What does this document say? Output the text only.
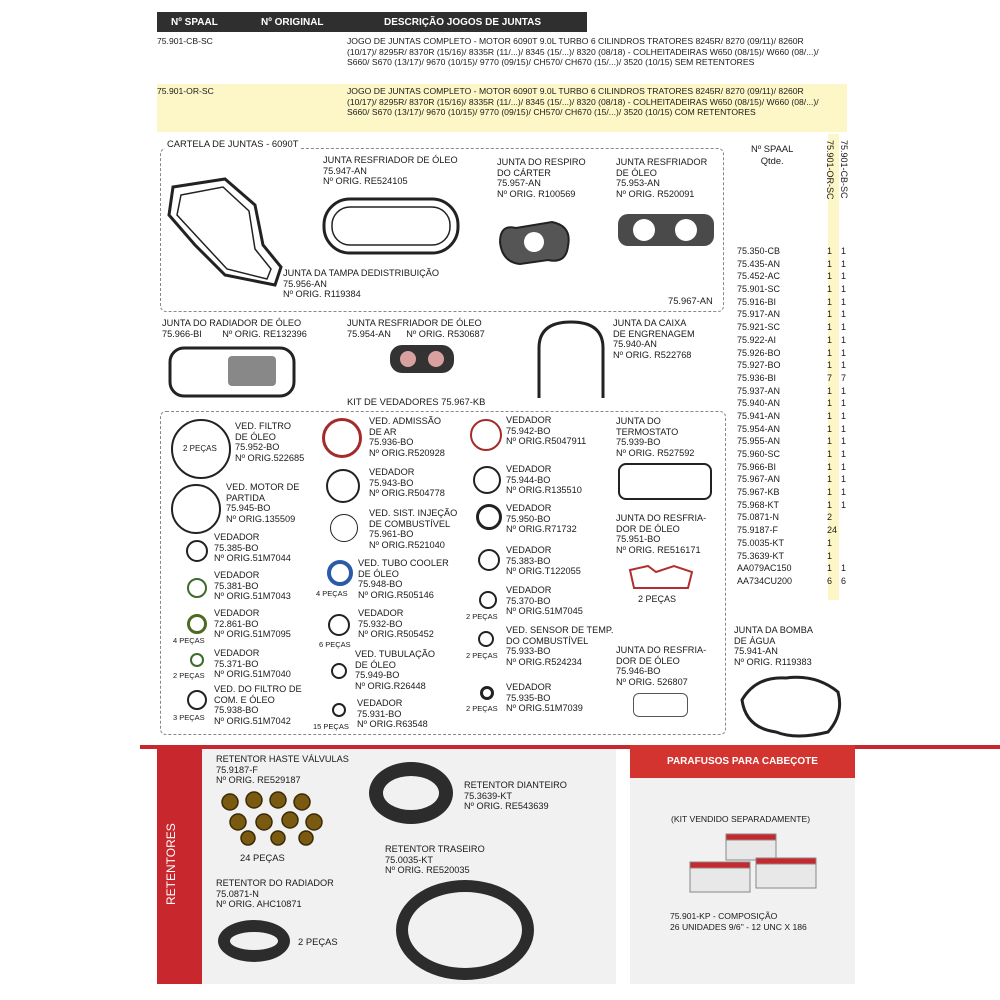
Nº SPAAL	Nº ORIGINAL	DESCRIÇÃO JOGOS DE JUNTAS
75.901-CB-SC	JOGO DE JUNTAS COMPLETO - MOTOR 6090T 9.0L TURBO 6 CILINDROS TRATORES 8245R/ 8270 (09/11)/ 8260R (10/17)/ 8295R/ 8370R (15/16)/ 8335R (11/...)/ 8345 (15/...)/ 8320 (08/18) - COLHEITADEIRAS W650 (08/15)/ W660 (08/...)/ S660/ S670 (13/17)/ 9670 (10/15)/ 9770 (09/15)/ CH570/ CH670 (15/...)/ 3520 (10/15) SEM RETENTORES
75.901-OR-SC	JOGO DE JUNTAS COMPLETO - MOTOR 6090T 9.0L TURBO 6 CILINDROS TRATORES 8245R/ 8270 (09/11)/ 8260R (10/17)/ 8295R/ 8370R (15/16)/ 8335R (11/...)/ 8345 (15/...)/ 8320 (08/18) - COLHEITADEIRAS W650 (08/15)/ W660 (08/...)/ S660/ S670 (13/17)/ 9670 (10/15)/ 9770 (09/15)/ CH570/ CH670 (15/...)/ 3520 (10/15) COM RETENTORES
CARTELA DE JUNTAS - 6090T
75.967-AN
JUNTA RESFRIADOR DE ÓLEO
75.947-AN
Nº ORIG. RE524105
JUNTA DO RESPIRO
DO CÁRTER
75.957-AN
Nº ORIG. R100569
JUNTA RESFRIADOR
DE ÓLEO
75.953-AN
Nº ORIG. R520091
JUNTA DA TAMPA DEDISTRIBUIÇÃO
75.956-AN
Nº ORIG. R119384
JUNTA DO RADIADOR DE ÓLEO
75.966-BI Nº ORIG. RE132396
JUNTA RESFRIADOR DE ÓLEO
75.954-AN Nº ORIG. R530687
JUNTA DA CAIXA
DE ENGRENAGEM
75.940-AN
Nº ORIG. R522768
KIT DE VEDADORES 75.967-KB
2 PEÇAS
VED. FILTRO
DE ÓLEO
75.952-BO
Nº ORIG.522685
VED. MOTOR DE
PARTIDA
75.945-BO
Nº ORIG.135509
VEDADOR
75.385-BO
Nº ORIG.51M7044
VEDADOR
75.381-BO
Nº ORIG.51M7043
4 PEÇAS
VEDADOR
72.861-BO
Nº ORIG.51M7095
2 PEÇAS
VEDADOR
75.371-BO
Nº ORIG.51M7040
3 PEÇAS
VED. DO FILTRO DE
COM. E ÓLEO
75.938-BO
Nº ORIG.51M7042
VED. ADMISSÃO
DE AR
75.936-BO
Nº ORIG.R520928
VEDADOR
75.943-BO
Nº ORIG.R504778
VED. SIST. INJEÇÃO
DE COMBUSTÍVEL
75.961-BO
Nº ORIG.R521040
4 PEÇAS
VED. TUBO COOLER
DE ÓLEO
75.948-BO
Nº ORIG.R505146
6 PEÇAS
VEDADOR
75.932-BO
Nº ORIG.R505452
VED. TUBULAÇÃO
DE ÓLEO
75.949-BO
Nº ORIG.R26448
15 PEÇAS
VEDADOR
75.931-BO
Nº ORIG.R63548
VEDADOR
75.942-BO
Nº ORIG.R5047911
VEDADOR
75.944-BO
Nº ORIG.R135510
VEDADOR
75.950-BO
Nº ORIG.R71732
VEDADOR
75.383-BO
Nº ORIG.T122055
2 PEÇAS
VEDADOR
75.370-BO
Nº ORIG.51M7045
2 PEÇAS
VED. SENSOR DE TEMP.
DO COMBUSTÍVEL
75.933-BO
Nº ORIG.R524234
2 PEÇAS
VEDADOR
75.935-BO
Nº ORIG.51M7039
JUNTA DO
TERMOSTATO
75.939-BO
Nº ORIG. R527592
JUNTA DO RESFRIA-
DOR DE ÓLEO
75.951-BO
Nº ORIG. RE516171
2 PEÇAS
JUNTA DO RESFRIA-
DOR DE ÓLEO
75.946-BO
Nº ORIG. 526807
JUNTA DA BOMBA
DE ÁGUA
75.941-AN
Nº ORIG. R119383
75.901-OR-SC 75.901-CB-SC
Nº SPAAL
Qtde.
75.350-CB	1 1
75.435-AN	1 1
75.452-AC	1 1
75.901-SC	1 1
75.916-BI	1 1
75.917-AN	1 1
75.921-SC	1 1
75.922-AI	1 1
75.926-BO	1 1
75.927-BO	1 1
75.936-BI	7 7
75.937-AN	1 1
75.940-AN	1 1
75.941-AN	1 1
75.954-AN	1 1
75.955-AN	1 1
75.960-SC	1 1
75.966-BI	1 1
75.967-AN	1 1
75.967-KB	1 1
75.968-KT	1 1
75.0871-N	2
75.9187-F	24
75.0035-KT	1
75.3639-KT	1
AA079AC150	1 1
AA734CU200	6 6
RETENTORES
RETENTOR HASTE VÁLVULAS
75.9187-F
Nº ORIG. RE529187
24 PEÇAS
RETENTOR DIANTEIRO
75.3639-KT
Nº ORIG. RE543639
RETENTOR TRASEIRO
75.0035-KT
Nº ORIG. RE520035
RETENTOR DO RADIADOR
75.0871-N
Nº ORIG. AHC10871
2 PEÇAS
PARAFUSOS PARA CABEÇOTE
(KIT VENDIDO SEPARADAMENTE)
75.901-KP - COMPOSIÇÃO
26 UNIDADES 9/6" - 12 UNC X 186
